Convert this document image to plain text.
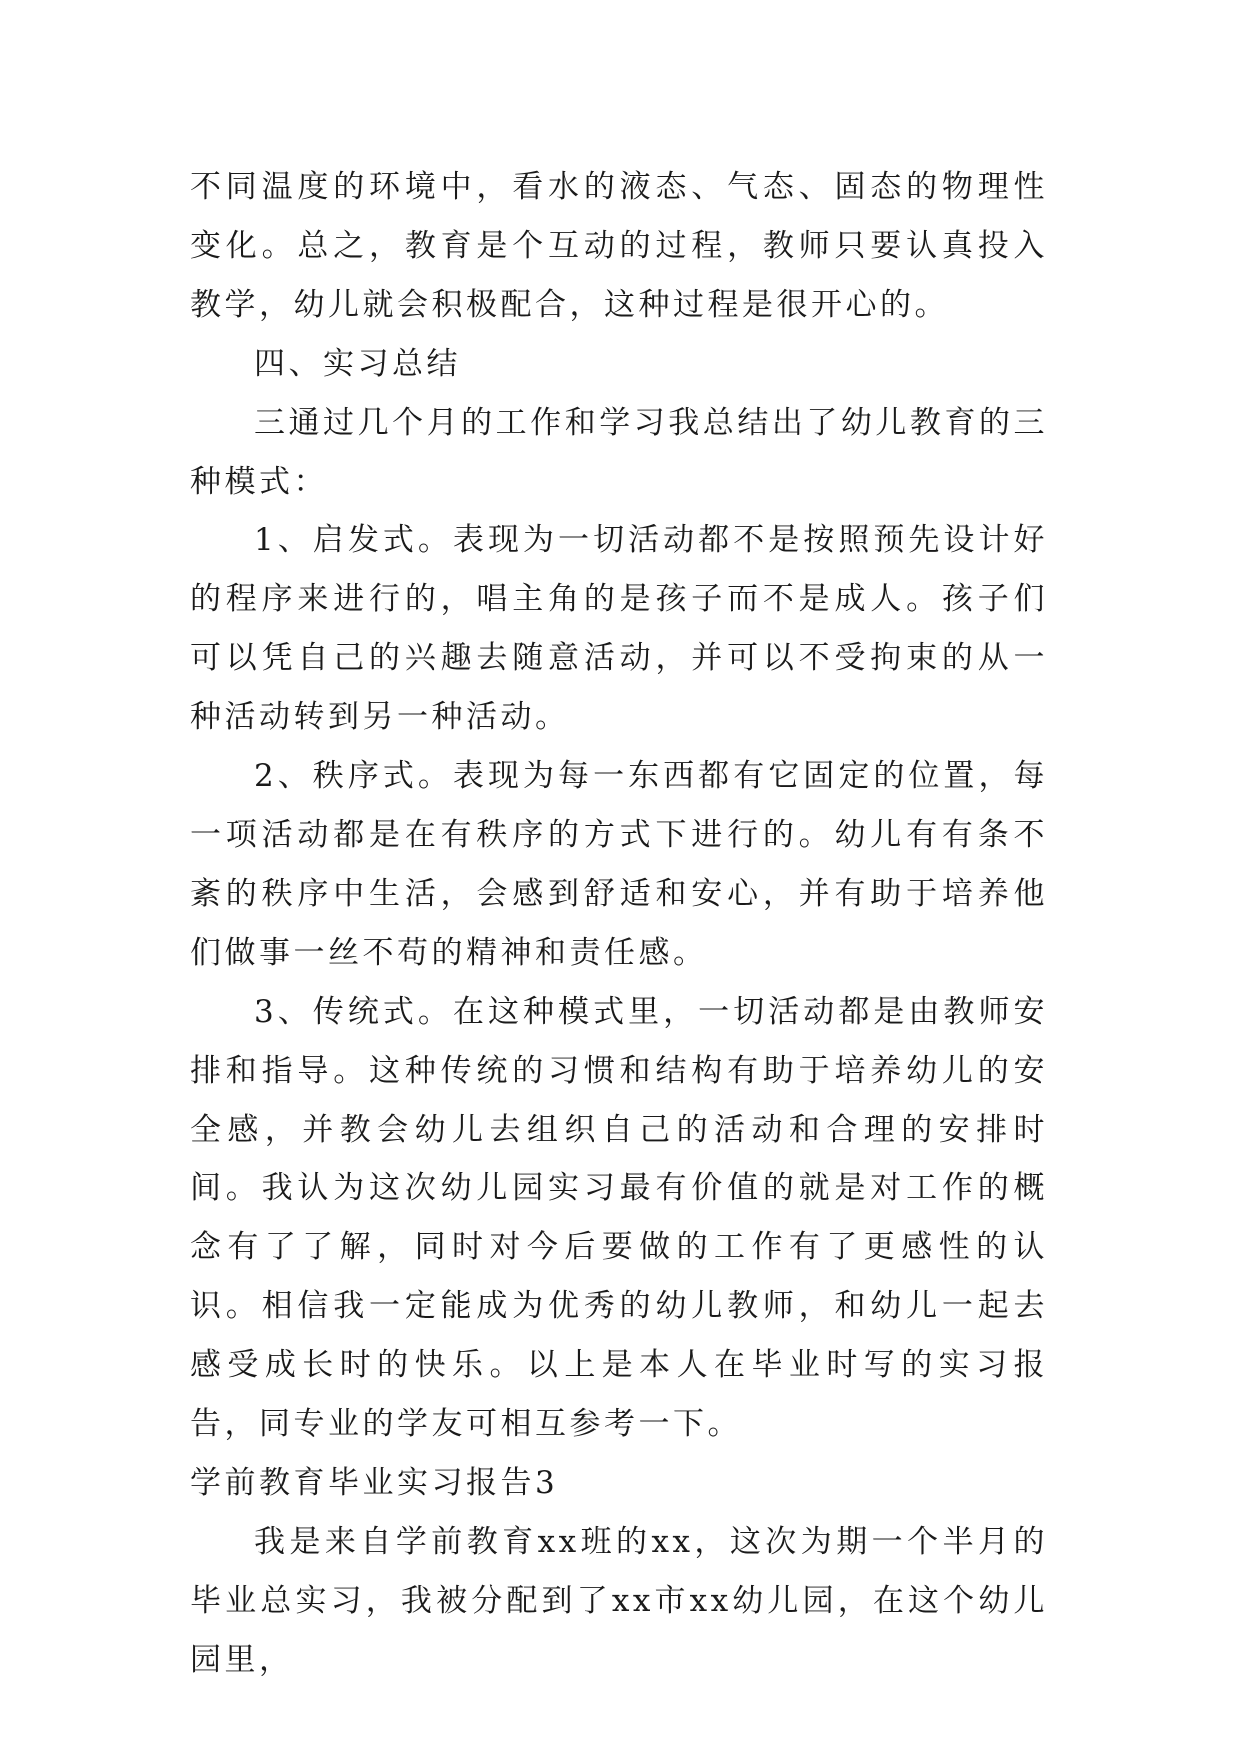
不同温度的环境中，看水的液态、气态、固态的物理性变化。总之，教育是个互动的过程，教师只要认真投入教学，幼儿就会积极配合，这种过程是很开心的。

四、实习总结

三通过几个月的工作和学习我总结出了幼儿教育的三种模式：

1、启发式。表现为一切活动都不是按照预先设计好的程序来进行的，唱主角的是孩子而不是成人。孩子们可以凭自己的兴趣去随意活动，并可以不受拘束的从一种活动转到另一种活动。

2、秩序式。表现为每一东西都有它固定的位置，每一项活动都是在有秩序的方式下进行的。幼儿有有条不紊的秩序中生活，会感到舒适和安心，并有助于培养他们做事一丝不苟的精神和责任感。

3、传统式。在这种模式里，一切活动都是由教师安排和指导。这种传统的习惯和结构有助于培养幼儿的安全感，并教会幼儿去组织自己的活动和合理的安排时间。我认为这次幼儿园实习最有价值的就是对工作的概念有了了解，同时对今后要做的工作有了更感性的认识。相信我一定能成为优秀的幼儿教师，和幼儿一起去感受成长时的快乐。以上是本人在毕业时写的实习报告，同专业的学友可相互参考一下。

学前教育毕业实习报告3

我是来自学前教育xx班的xx，这次为期一个半月的毕业总实习，我被分配到了xx市xx幼儿园，在这个幼儿园里，
